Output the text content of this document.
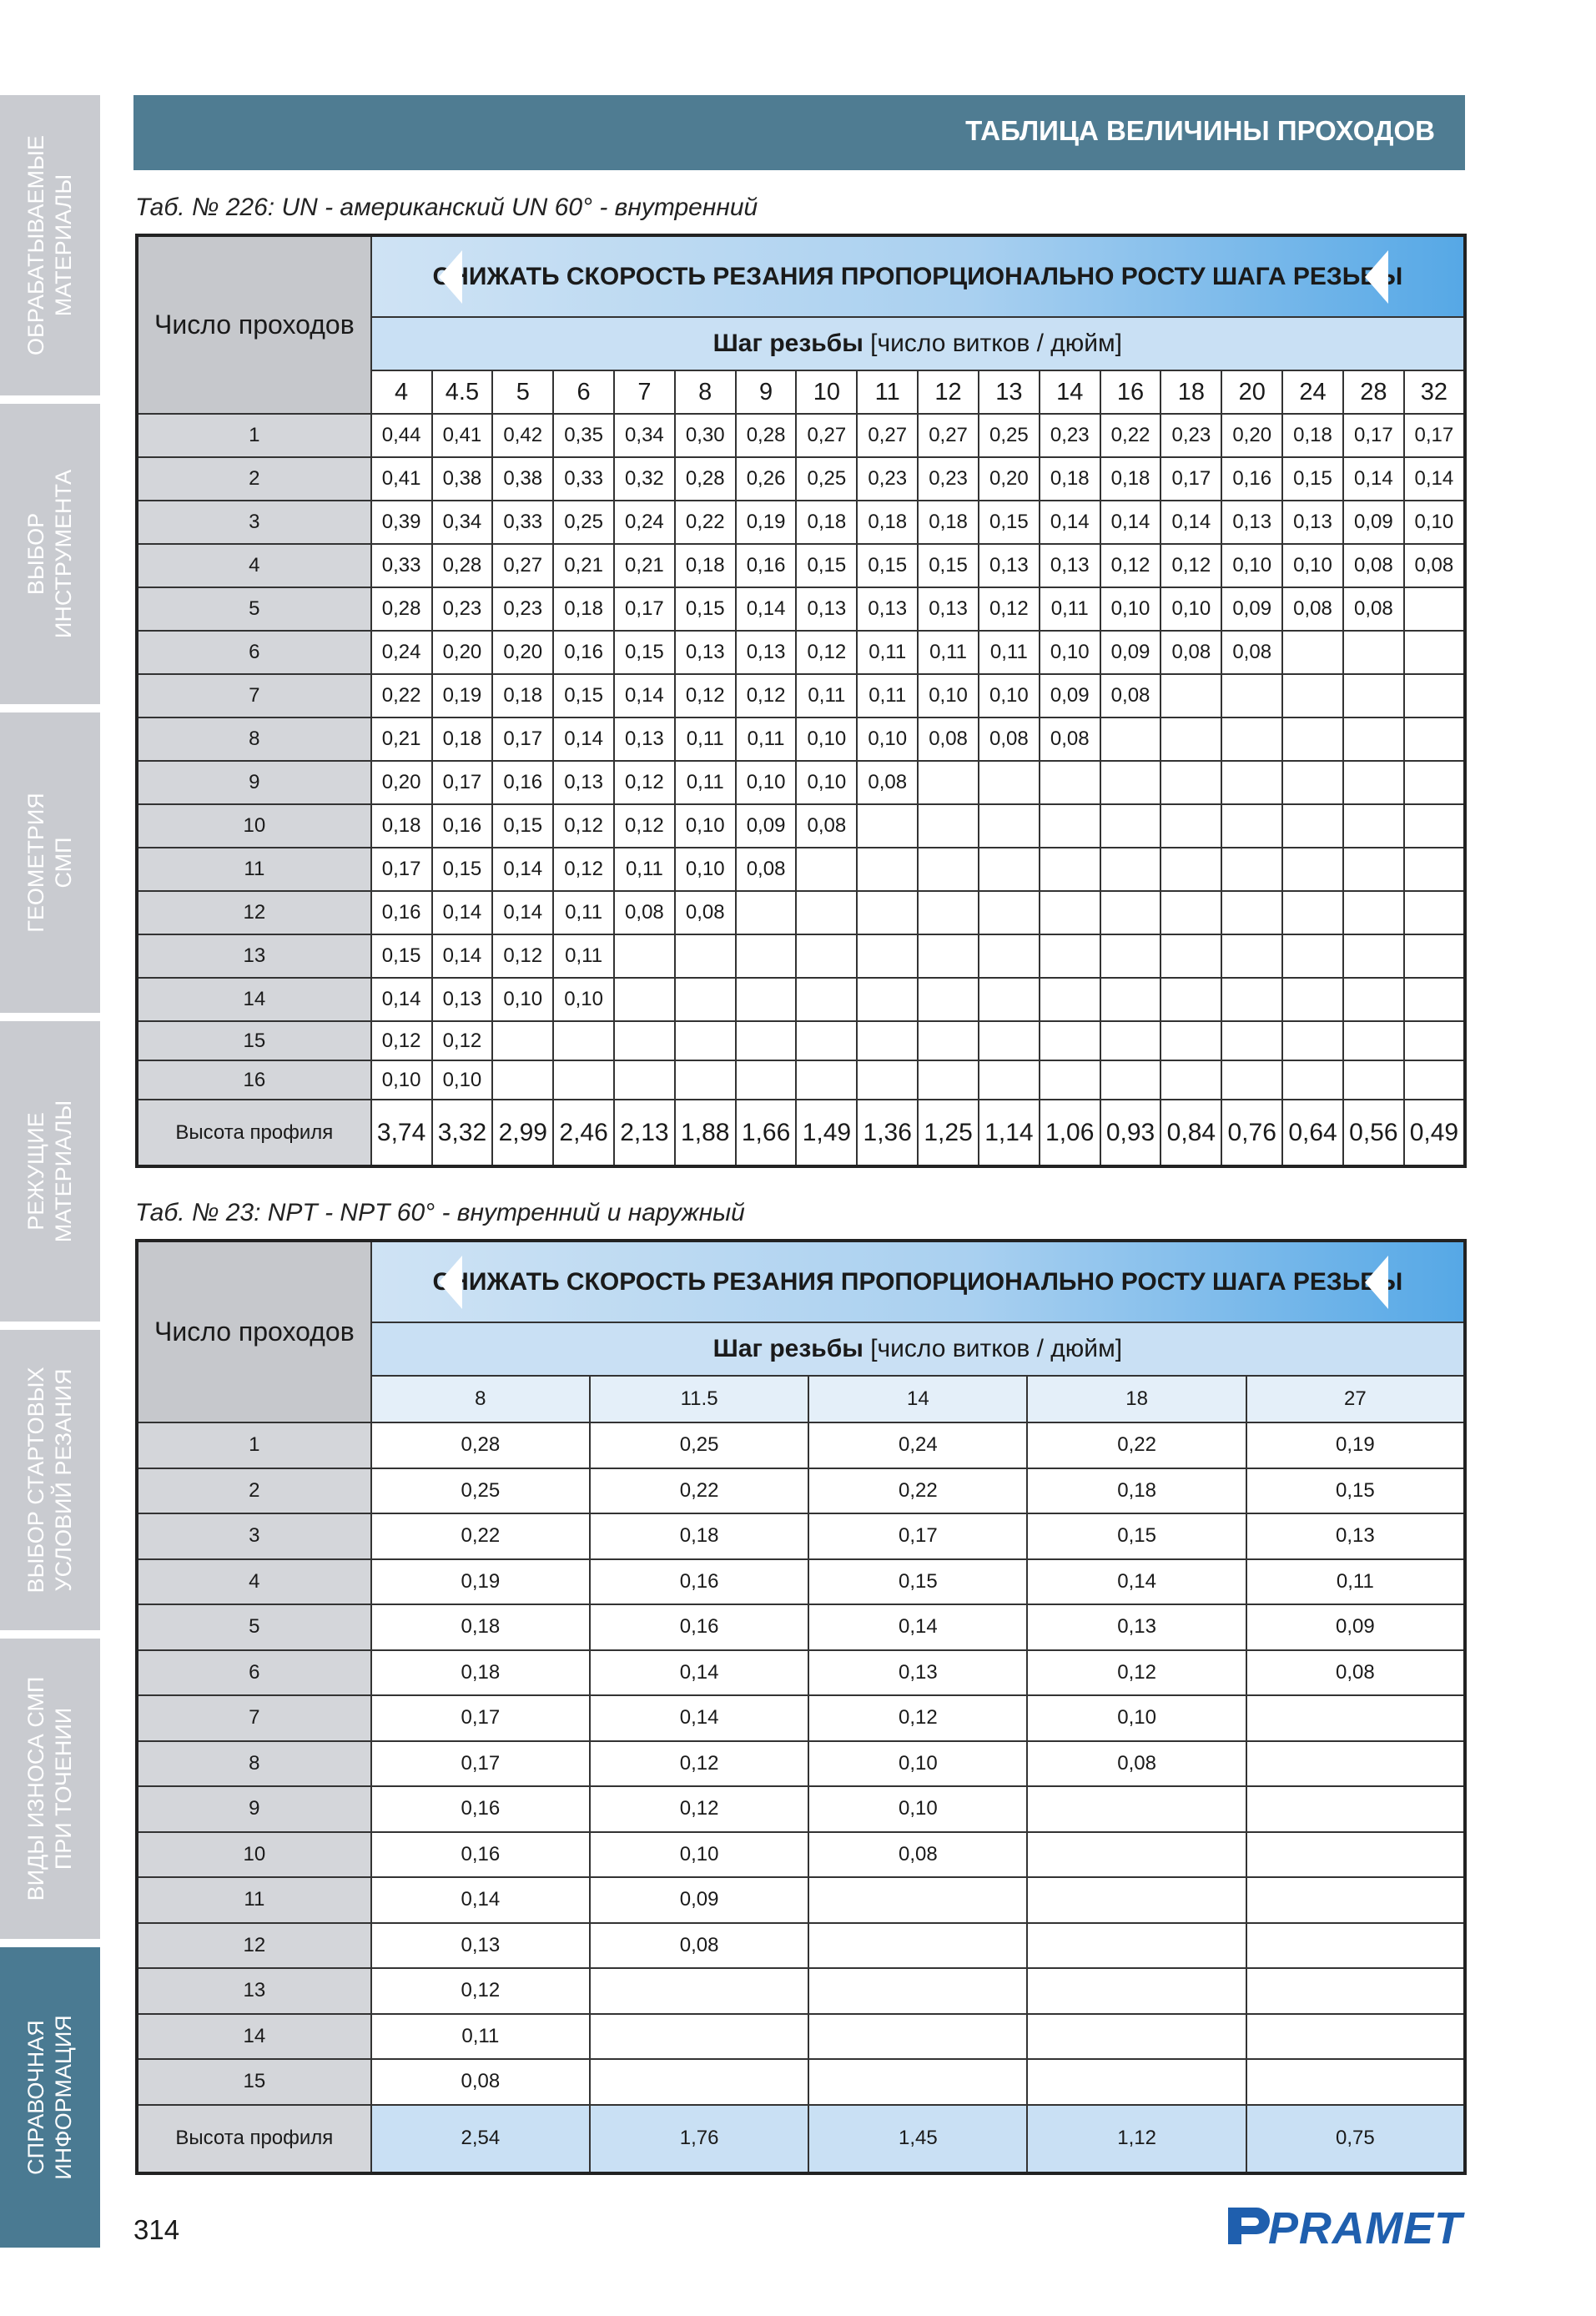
ОБРАБАТЫВАЕМЫЕ
МАТЕРИАЛЫ
ВЫБОР
ИНСТРУМЕНТА
ГЕОМЕТРИЯ
СМП
РЕЖУЩИЕ
МАТЕРИАЛЫ
ВЫБОР СТАРТОВЫХ
УСЛОВИЙ РЕЗАНИЯ
ВИДЫ ИЗНОСА СМП
ПРИ ТОЧЕНИИ
СПРАВОЧНАЯ
ИНФОРМАЦИЯ
ТАБЛИЦА ВЕЛИЧИНЫ ПРОХОДОВ
Таб. № 226: UN - американский UN 60° - внутренний
Число проходов	СНИЖАТЬ СКОРОСТЬ РЕЗАНИЯ ПРОПОРЦИОНАЛЬНО РОСТУ ШАГА РЕЗЬБЫ																	

	Шаг резьбы [число витков / дюйм]																	
	4	4.5	5	6	7	8	9	10	11	12	13	14	16	18	20	24	28	32
1	0,44	0,41	0,42	0,35	0,34	0,30	0,28	0,27	0,27	0,27	0,25	0,23	0,22	0,23	0,20	0,18	0,17	0,17
2	0,41	0,38	0,38	0,33	0,32	0,28	0,26	0,25	0,23	0,23	0,20	0,18	0,18	0,17	0,16	0,15	0,14	0,14
3	0,39	0,34	0,33	0,25	0,24	0,22	0,19	0,18	0,18	0,18	0,15	0,14	0,14	0,14	0,13	0,13	0,09	0,10
4	0,33	0,28	0,27	0,21	0,21	0,18	0,16	0,15	0,15	0,15	0,13	0,13	0,12	0,12	0,10	0,10	0,08	0,08
5	0,28	0,23	0,23	0,18	0,17	0,15	0,14	0,13	0,13	0,13	0,12	0,11	0,10	0,10	0,09	0,08	0,08	
6	0,24	0,20	0,20	0,16	0,15	0,13	0,13	0,12	0,11	0,11	0,11	0,10	0,09	0,08	0,08			
7	0,22	0,19	0,18	0,15	0,14	0,12	0,12	0,11	0,11	0,10	0,10	0,09	0,08					
8	0,21	0,18	0,17	0,14	0,13	0,11	0,11	0,10	0,10	0,08	0,08	0,08						
9	0,20	0,17	0,16	0,13	0,12	0,11	0,10	0,10	0,08									
10	0,18	0,16	0,15	0,12	0,12	0,10	0,09	0,08										
11	0,17	0,15	0,14	0,12	0,11	0,10	0,08											
12	0,16	0,14	0,14	0,11	0,08	0,08												
13	0,15	0,14	0,12	0,11														
14	0,14	0,13	0,10	0,10														
15	0,12	0,12																
16	0,10	0,10																
Высота профиля	3,74	3,32	2,99	2,46	2,13	1,88	1,66	1,49	1,36	1,25	1,14	1,06	0,93	0,84	0,76	0,64	0,56	0,49
Таб. № 23: NPT - NPT 60° - внутренний и наружный
Число проходов	СНИЖАТЬ СКОРОСТЬ РЕЗАНИЯ ПРОПОРЦИОНАЛЬНО РОСТУ ШАГА РЕЗЬБЫ				

	Шаг резьбы [число витков / дюйм]				
	8	11.5	14	18	27
1	0,28	0,25	0,24	0,22	0,19
2	0,25	0,22	0,22	0,18	0,15
3	0,22	0,18	0,17	0,15	0,13
4	0,19	0,16	0,15	0,14	0,11
5	0,18	0,16	0,14	0,13	0,09
6	0,18	0,14	0,13	0,12	0,08
7	0,17	0,14	0,12	0,10	
8	0,17	0,12	0,10	0,08	
9	0,16	0,12	0,10		
10	0,16	0,10	0,08		
11	0,14	0,09			
12	0,13	0,08			
13	0,12				
14	0,11				
15	0,08				
Высота профиля	2,54	1,76	1,45	1,12	0,75
314	PRAMET
